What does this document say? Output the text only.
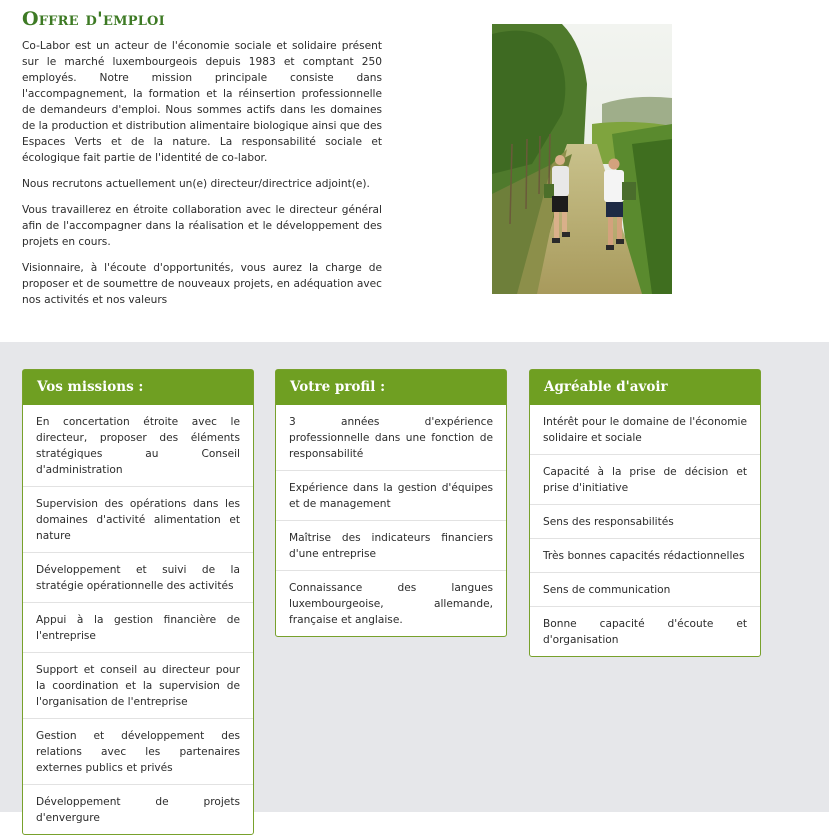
Offre d'emploi

Co-Labor est un acteur de l'économie sociale et solidaire présent sur le marché luxembourgeois depuis 1983 et comptant 250 employés. Notre mission principale consiste dans l'accompagnement, la formation et la réinsertion professionnelle de demandeurs d'emploi. Nous sommes actifs dans les domaines de la production et distribution alimentaire biologique ainsi que des Espaces Verts et de la nature. La responsabilité sociale et écologique fait partie de l'identité de co-labor.

Nous recrutons actuellement un(e) directeur/directrice adjoint(e).

Vous travaillerez en étroite collaboration avec le directeur général afin de l'accompagner dans la réalisation et le développement des projets en cours.

Visionnaire, à l'écoute d'opportunités, vous aurez la charge de proposer et de soumettre de nouveaux projets, en adéquation avec nos activités et nos valeurs

Vos missions :
En concertation étroite avec le directeur, proposer des éléments stratégiques au Conseil d'administration
Supervision des opérations dans les domaines d'activité alimentation et nature
Développement et suivi de la stratégie opérationnelle des activités
Appui à la gestion financière de l'entreprise
Support et conseil au directeur pour la coordination et la supervision de l'organisation de l'entreprise
Gestion et développement des relations avec les partenaires externes publics et privés
Développement de projets d'envergure
Votre profil :
3 années d'expérience professionnelle dans une fonction de responsabilité
Expérience dans la gestion d'équipes et de management
Maîtrise des indicateurs financiers d'une entreprise
Connaissance des langues luxembourgeoise, allemande, française et anglaise.
Agréable d'avoir
Intérêt pour le domaine de l'économie solidaire et sociale
Capacité à la prise de décision et prise d'initiative
Sens des responsabilités
Très bonnes capacités rédactionnelles
Sens de communication
Bonne capacité d'écoute et d'organisation
